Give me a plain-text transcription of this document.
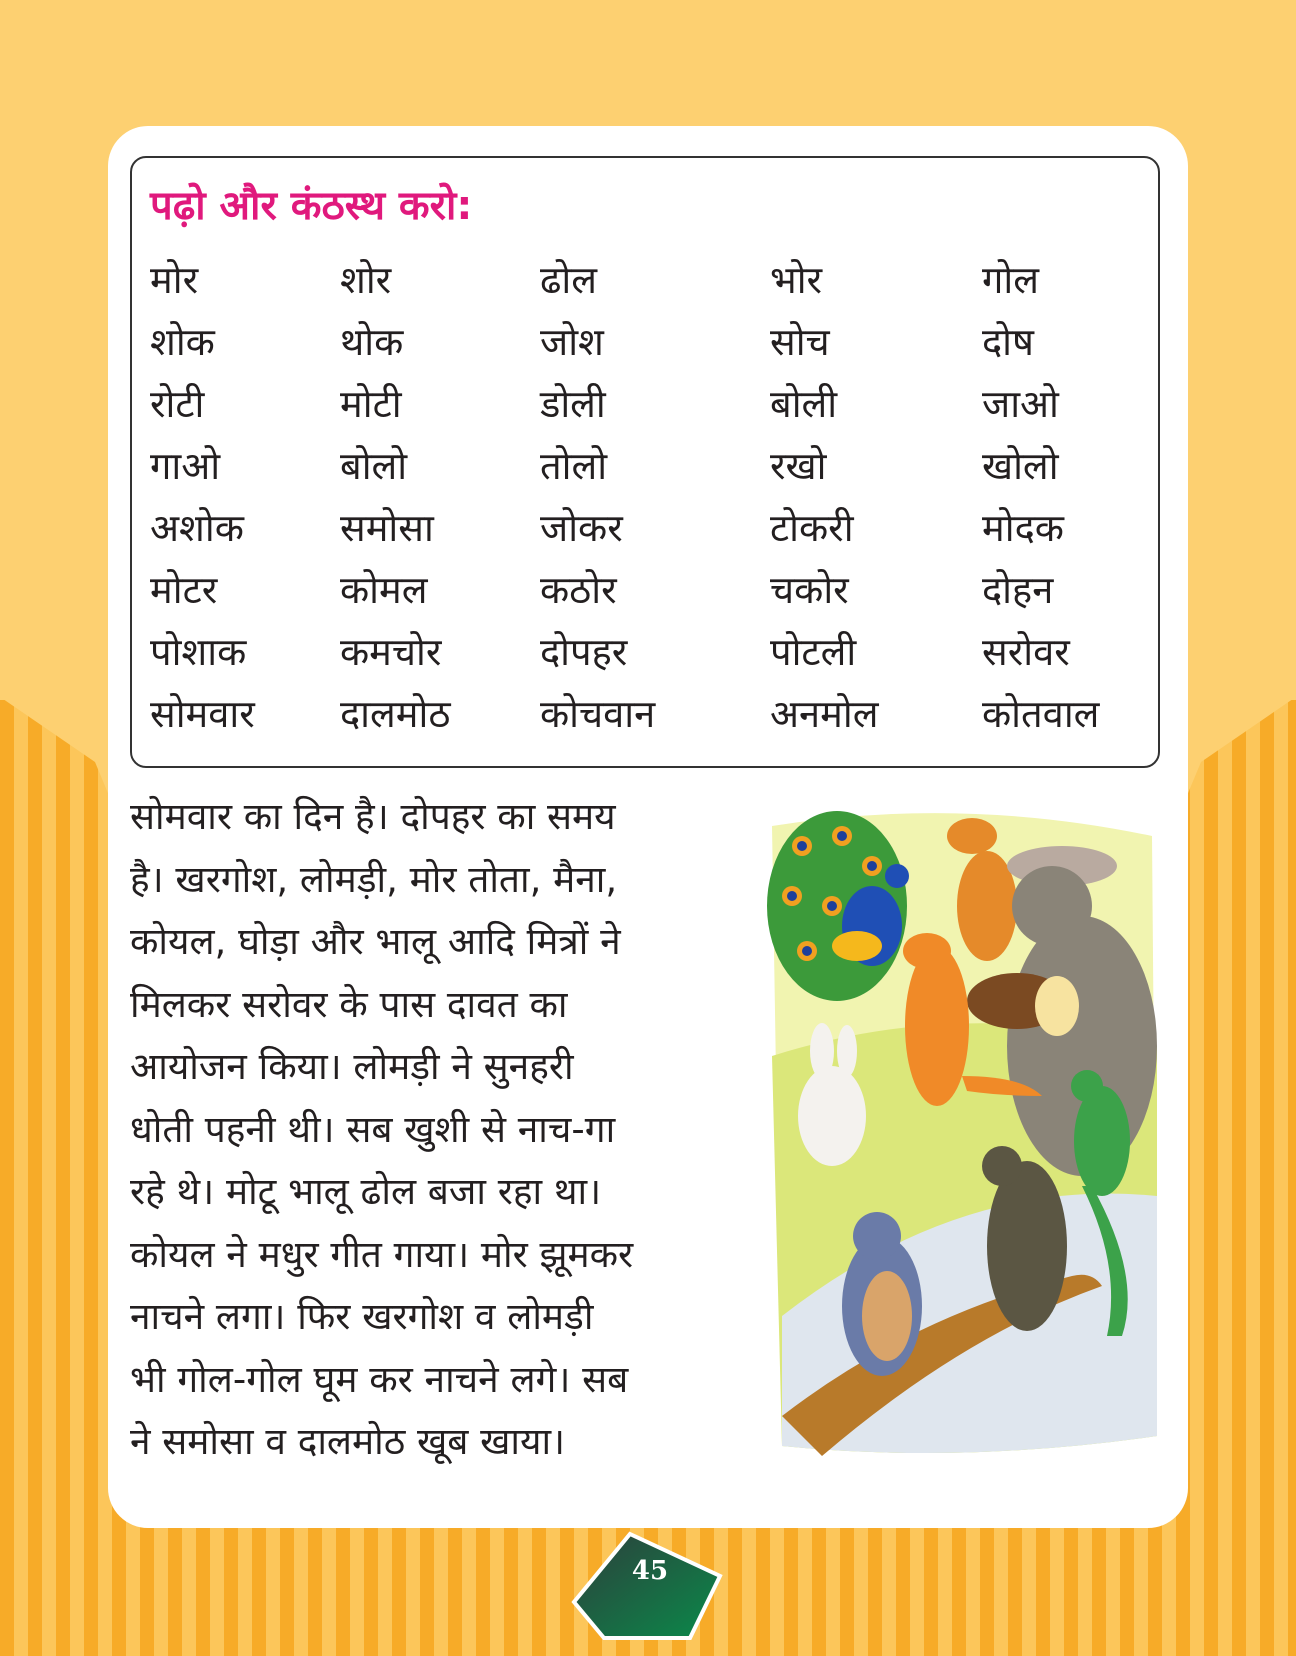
पढ़ो और कंठस्थ करो:
मोर	शोर	ढोल	भोर	गोल
शोक	थोक	जोश	सोच	दोष
रोटी	मोटी	डोली	बोली	जाओ
गाओ	बोलो	तोलो	रखो	खोलो
अशोक	समोसा	जोकर	टोकरी	मोदक
मोटर	कोमल	कठोर	चकोर	दोहन
पोशाक	कमचोर	दोपहर	पोटली	सरोवर
सोमवार	दालमोठ	कोचवान	अनमोल	कोतवाल
सोमवार का दिन है। दोपहर का समय
है। खरगोश, लोमड़ी, मोर तोता, मैना,
कोयल, घोड़ा और भालू आदि मित्रों ने
मिलकर सरोवर के पास दावत का
आयोजन किया। लोमड़ी ने सुनहरी
धोती पहनी थी। सब खुशी से नाच-गा
रहे थे। मोटू भालू ढोल बजा रहा था।
कोयल ने मधुर गीत गाया। मोर झूमकर
नाचने लगा। फिर खरगोश व लोमड़ी
भी गोल-गोल घूम कर नाचने लगे। सब
ने समोसा व दालमोठ खूब खाया।
45
